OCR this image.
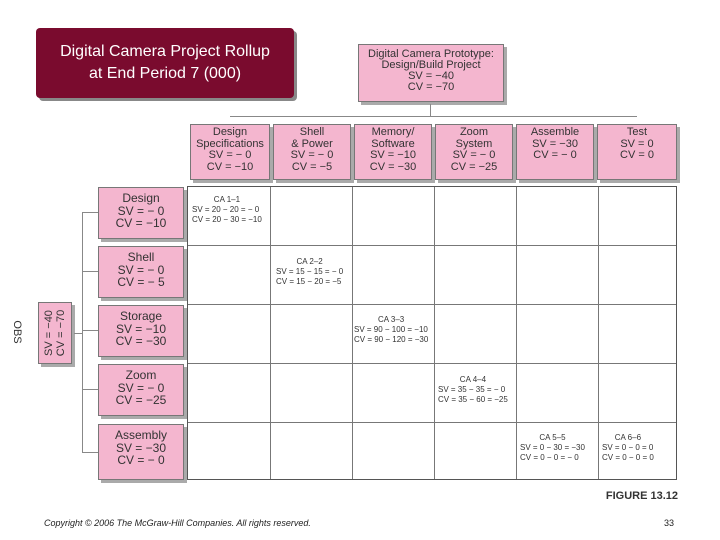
Digital Camera Project Rollup
at End Period 7 (000)
Digital Camera Prototype:
Design/Build Project
SV = −40
CV = −70
Design
Specifications
SV = − 0
CV = −10
Shell
& Power
SV = − 0
CV = −5
Memory/
Software
SV = −10
CV = −30
Zoom
System
SV = − 0
CV = −25
Assemble
SV = −30
CV = − 0
Test
SV = 0
CV = 0
OBS SV = −40 CV = −70
Design
SV = − 0
CV = −10
Shell
SV = − 0
CV = − 5
Storage
SV = −10
CV = −30
Zoom
SV = − 0
CV = −25
Assembly
SV = −30
CV = − 0
CA 1–1
SV = 20 − 20 = − 0
CV = 20 − 30 = −10
CA 2–2
SV = 15 − 15 = − 0
CV = 15 − 20 = −5
CA 3–3
SV = 90 − 100 = −10
CV = 90 − 120 = −30
CA 4–4
SV = 35 − 35 = − 0
CV = 35 − 60 = −25
CA 5–5
SV = 0 − 30 = −30
CV = 0 − 0 = − 0
CA 6–6
SV = 0 − 0 = 0
CV = 0 − 0 = 0
FIGURE 13.12
Copyright © 2006 The McGraw-Hill Companies. All rights reserved.	33
